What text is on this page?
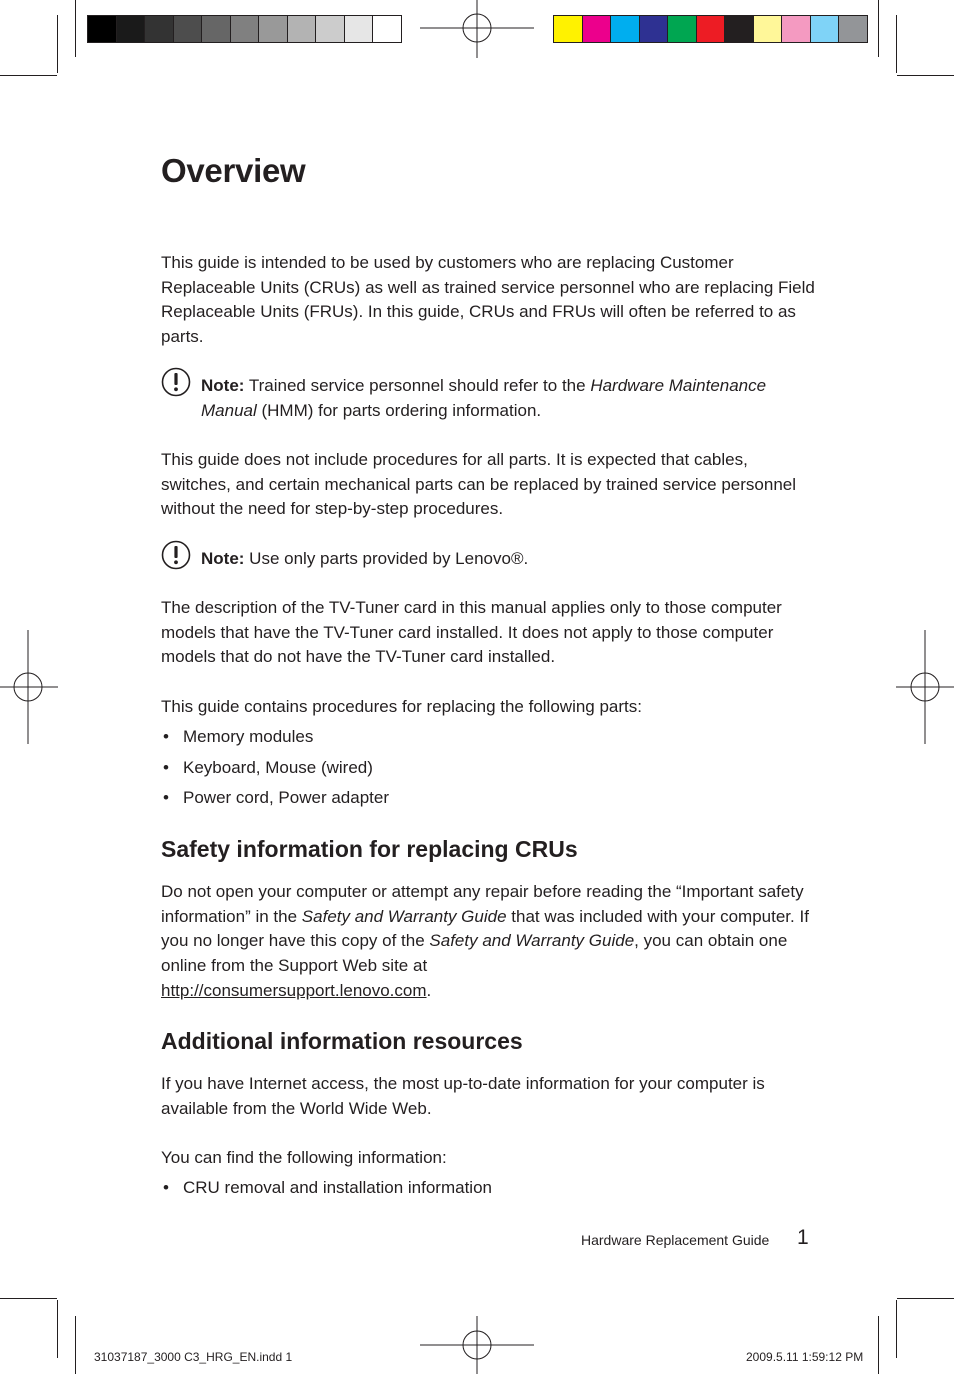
Overview

This guide is intended to be used by customers who are replacing Customer Replaceable Units (CRUs) as well as trained service personnel who are replacing Field Replaceable Units (FRUs). In this guide, CRUs and FRUs will often be referred to as parts.

Note: Trained service personnel should refer to the Hardware Maintenance Manual (HMM) for parts ordering information.

This guide does not include procedures for all parts. It is expected that cables, switches, and certain mechanical parts can be replaced by trained service personnel without the need for step-by-step procedures.

Note: Use only parts provided by Lenovo®.

The description of the TV-Tuner card in this manual applies only to those computer models that have the TV-Tuner card installed. It does not apply to those computer models that do not have the TV-Tuner card installed.

This guide contains procedures for replacing the following parts:

• Memory modules
• Keyboard, Mouse (wired)
• Power cord, Power adapter
Safety information for replacing CRUs

Do not open your computer or attempt any repair before reading the “Important safety information” in the Safety and Warranty Guide that was included with your computer. If you no longer have this copy of the Safety and Warranty Guide, you can obtain one online from the Support Web site at
http://consumersupport.lenovo.com.

Additional information resources

If you have Internet access, the most up-to-date information for your computer is available from the World Wide Web.

You can find the following information:

• CRU removal and installation information
Hardware Replacement Guide 1
31037187_3000 C3_HRG_EN.indd 1	2009.5.11 1:59:12 PM
